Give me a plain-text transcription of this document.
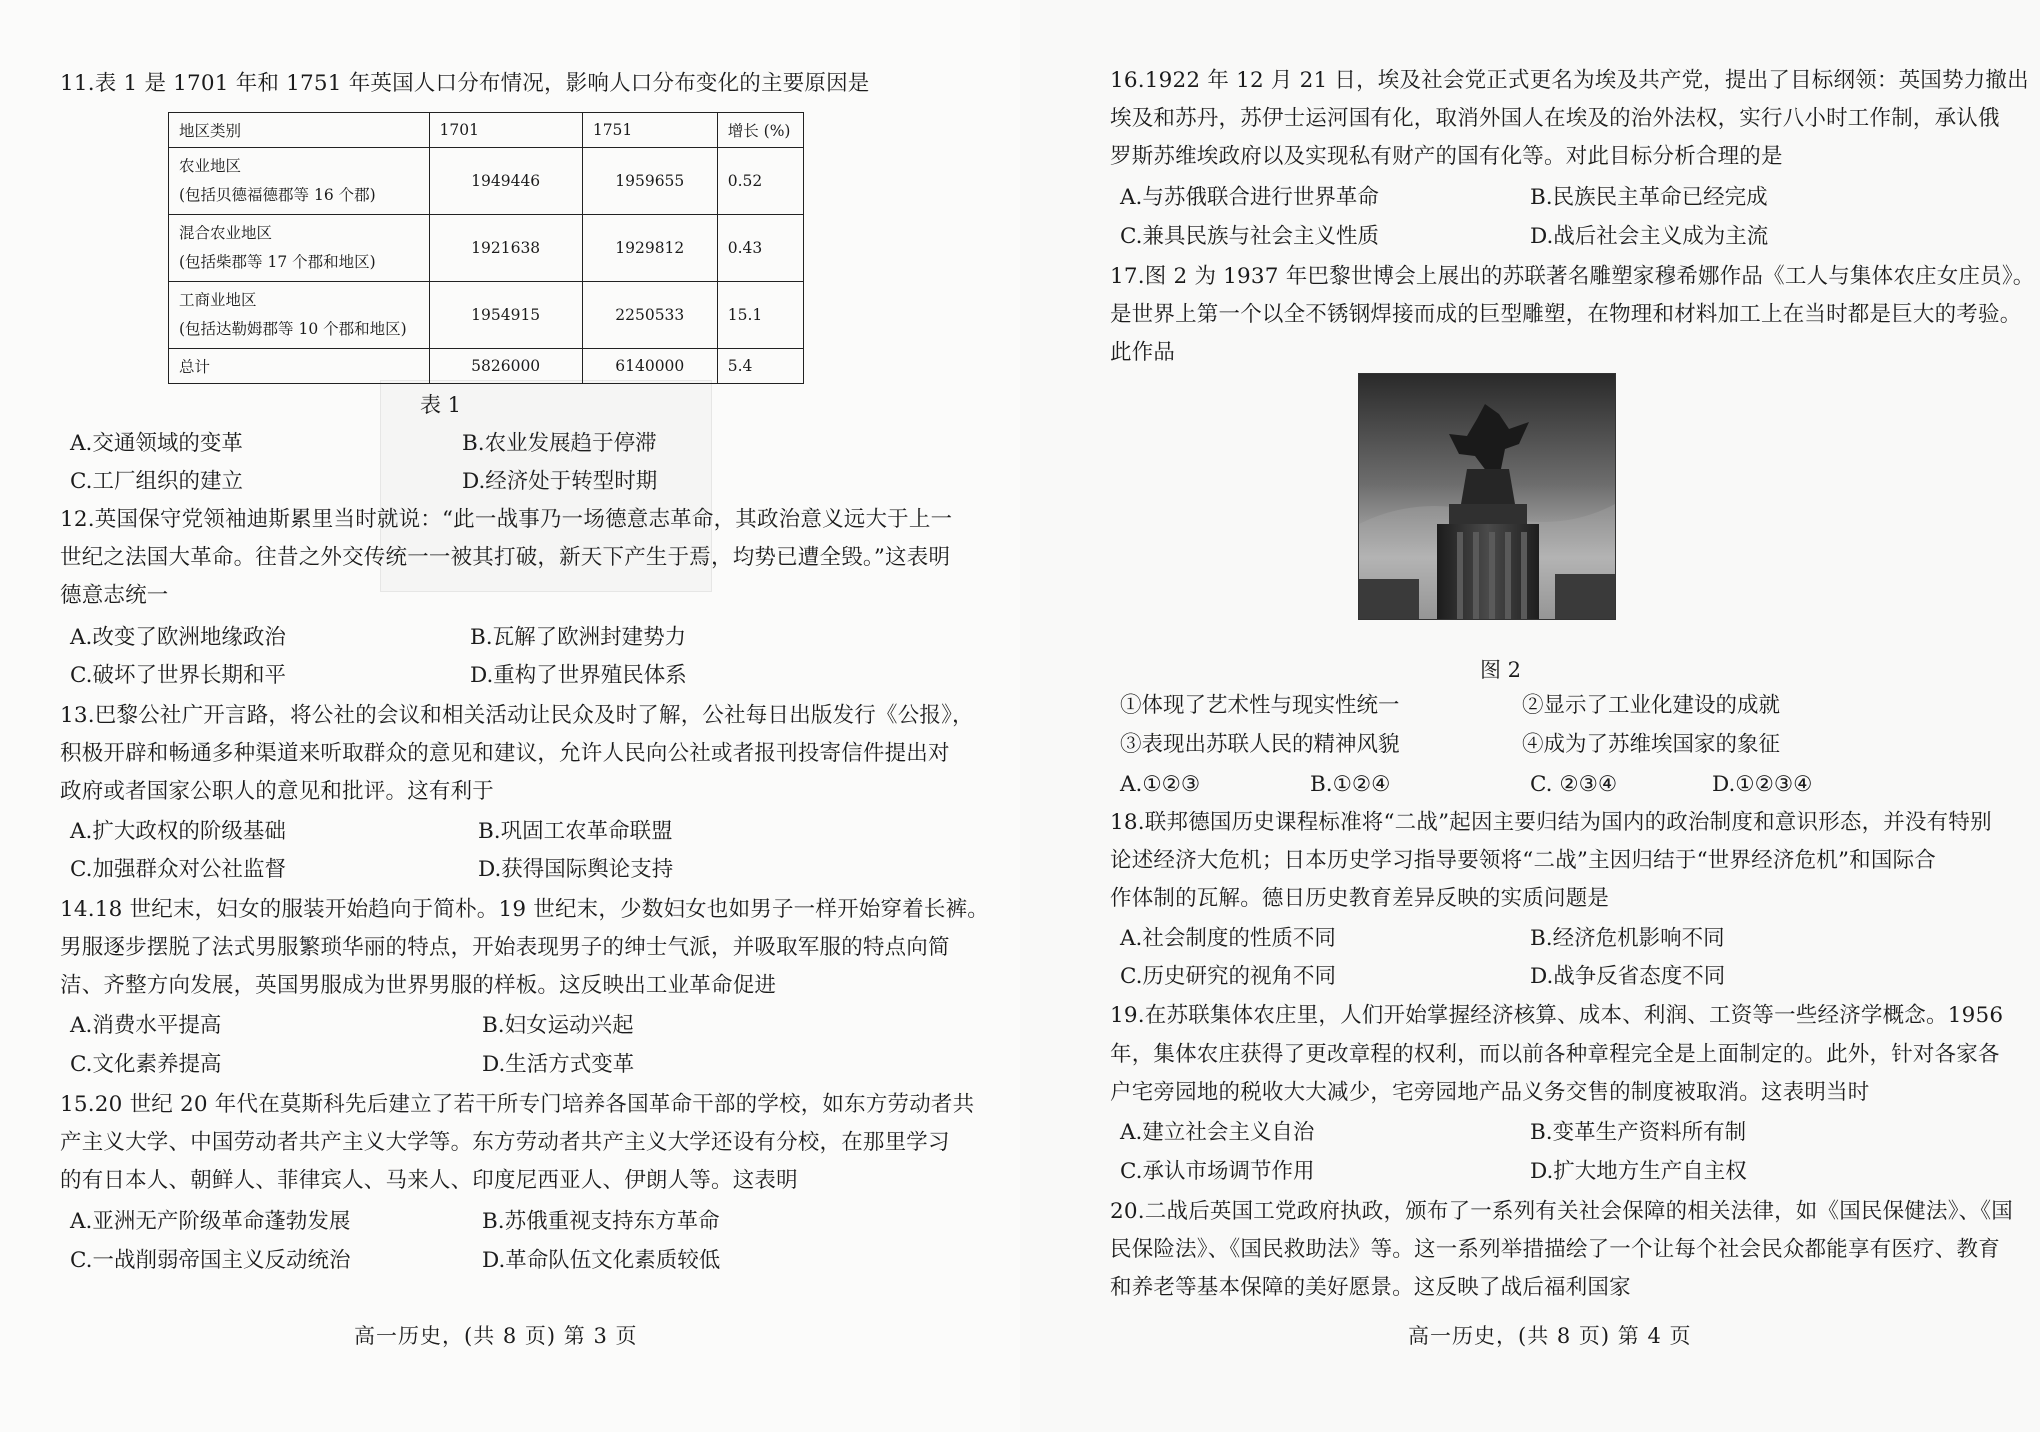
11.表 1 是 1701 年和 1751 年英国人口分布情况，影响人口分布变化的主要原因是
地区类别	1701	1751	增长 (%)

农业地区
(包括贝德福德郡等 16 个郡)	1949446	1959655	0.52

混合农业地区
(包括柴郡等 17 个郡和地区)	1921638	1929812	0.43

工商业地区
(包括达勒姆郡等 10 个郡和地区)	1954915	2250533	15.1
总计	5826000	6140000	5.4
表 1
A.交通领域的变革	B.农业发展趋于停滞
C.工厂组织的建立	D.经济处于转型时期
12.英国保守党领袖迪斯累里当时就说：“此一战事乃一场德意志革命，其政治意义远大于上一
世纪之法国大革命。往昔之外交传统一一被其打破，新天下产生于焉，均势已遭全毁。”这表明
德意志统一
A.改变了欧洲地缘政治	B.瓦解了欧洲封建势力
C.破坏了世界长期和平	D.重构了世界殖民体系
13.巴黎公社广开言路，将公社的会议和相关活动让民众及时了解，公社每日出版发行《公报》，
积极开辟和畅通多种渠道来听取群众的意见和建议，允许人民向公社或者报刊投寄信件提出对
政府或者国家公职人的意见和批评。这有利于
A.扩大政权的阶级基础	B.巩固工农革命联盟
C.加强群众对公社监督	D.获得国际舆论支持
14.18 世纪末，妇女的服装开始趋向于简朴。19 世纪末，少数妇女也如男子一样开始穿着长裤。
男服逐步摆脱了法式男服繁琐华丽的特点，开始表现男子的绅士气派，并吸取军服的特点向简
洁、齐整方向发展，英国男服成为世界男服的样板。这反映出工业革命促进
A.消费水平提高	B.妇女运动兴起
C.文化素养提高	D.生活方式变革
15.20 世纪 20 年代在莫斯科先后建立了若干所专门培养各国革命干部的学校，如东方劳动者共
产主义大学、中国劳动者共产主义大学等。东方劳动者共产主义大学还设有分校，在那里学习
的有日本人、朝鲜人、菲律宾人、马来人、印度尼西亚人、伊朗人等。这表明
A.亚洲无产阶级革命蓬勃发展	B.苏俄重视支持东方革命
C.一战削弱帝国主义反动统治	D.革命队伍文化素质较低
高一历史，(共 8 页) 第 3 页
16.1922 年 12 月 21 日，埃及社会党正式更名为埃及共产党，提出了目标纲领：英国势力撤出
埃及和苏丹，苏伊士运河国有化，取消外国人在埃及的治外法权，实行八小时工作制，承认俄
罗斯苏维埃政府以及实现私有财产的国有化等。对此目标分析合理的是
A.与苏俄联合进行世界革命	B.民族民主革命已经完成
C.兼具民族与社会主义性质	D.战后社会主义成为主流
17.图 2 为 1937 年巴黎世博会上展出的苏联著名雕塑家穆希娜作品《工人与集体农庄女庄员》。
是世界上第一个以全不锈钢焊接而成的巨型雕塑，在物理和材料加工上在当时都是巨大的考验。
此作品
图 2
①体现了艺术性与现实性统一	②显示了工业化建设的成就
③表现出苏联人民的精神风貌	④成为了苏维埃国家的象征
A.①②③	B.①②④	C. ②③④	D.①②③④
18.联邦德国历史课程标准将“二战”起因主要归结为国内的政治制度和意识形态，并没有特别
论述经济大危机；日本历史学习指导要领将“二战”主因归结于“世界经济危机”和国际合
作体制的瓦解。德日历史教育差异反映的实质问题是
A.社会制度的性质不同	B.经济危机影响不同
C.历史研究的视角不同	D.战争反省态度不同
19.在苏联集体农庄里，人们开始掌握经济核算、成本、利润、工资等一些经济学概念。1956
年，集体农庄获得了更改章程的权利，而以前各种章程完全是上面制定的。此外，针对各家各
户宅旁园地的税收大大减少，宅旁园地产品义务交售的制度被取消。这表明当时
A.建立社会主义自治	B.变革生产资料所有制
C.承认市场调节作用	D.扩大地方生产自主权
20.二战后英国工党政府执政，颁布了一系列有关社会保障的相关法律，如《国民保健法》、《国
民保险法》、《国民救助法》等。这一系列举措描绘了一个让每个社会民众都能享有医疗、教育
和养老等基本保障的美好愿景。这反映了战后福利国家
高一历史，(共 8 页) 第 4 页
